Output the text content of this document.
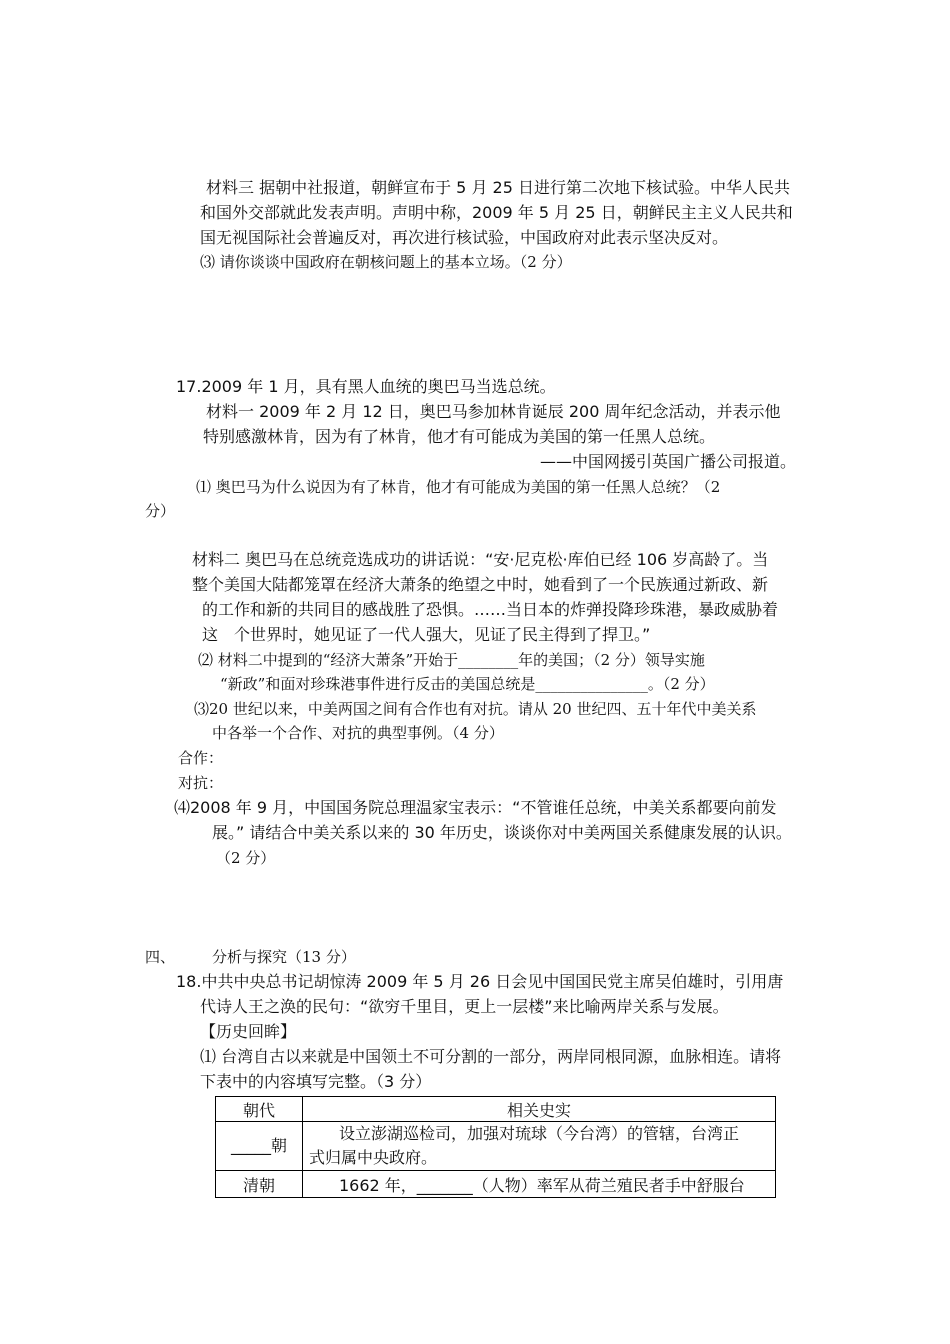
材料三 据朝中社报道，朝鲜宣布于 5 月 25 日进行第二次地下核试验。中华人民共
和国外交部就此发表声明。声明中称，2009 年 5 月 25 日，朝鲜民主主义人民共和
国无视国际社会普遍反对，再次进行核试验，中国政府对此表示坚决反对。
⑶ 请你谈谈中国政府在朝核问题上的基本立场。（2 分）
17.2009 年 1 月，具有黑人血统的奥巴马当选总统。
材料一 2009 年 2 月 12 日，奥巴马参加林肯诞辰 200 周年纪念活动，并表示他
特别感激林肯，因为有了林肯，他才有可能成为美国的第一任黑人总统。
——中国网援引英国广播公司报道。
⑴ 奥巴马为什么说因为有了林肯，他才有可能成为美国的第一任黑人总统？（2
分）
材料二 奥巴马在总统竞选成功的讲话说：“安·尼克松·库伯已经 106 岁高龄了。当
整个美国大陆都笼罩在经济大萧条的绝望之中时，她看到了一个民族通过新政、新
的工作和新的共同目的感战胜了恐惧。……当日本的炸弹投降珍珠港，暴政威胁着
这　个世界时，她见证了一代人强大，见证了民主得到了捍卫。”
⑵ 材料二中提到的“经济大萧条”开始于________年的美国；（2 分）领导实施
“新政”和面对珍珠港事件进行反击的美国总统是_______________。（2 分）
⑶20 世纪以来，中美两国之间有合作也有对抗。请从 20 世纪四、五十年代中美关系
中各举一个合作、对抗的典型事例。（4 分）
合作：
对抗：
⑷2008 年 9 月，中国国务院总理温家宝表示：“不管谁任总统，中美关系都要向前发
展。” 请结合中美关系以来的 30 年历史，谈谈你对中美两国关系健康发展的认识。
（2 分）
四、 分析与探究（13 分）
18.中共中央总书记胡惊涛 2009 年 5 月 26 日会见中国国民党主席吴伯雄时，引用唐
代诗人王之涣的民句：“欲穷千里目，更上一层楼”来比喻两岸关系与发展。
【历史回眸】
⑴ 台湾自古以来就是中国领土不可分割的一部分，两岸同根同源，血脉相连。请将
下表中的内容填写完整。（3 分）
朝代	相关史实
_____朝	设立澎湖巡检司，加强对琉球（今台湾）的管辖，台湾正
式归属中央政府。
清朝	1662 年，_______（人物）率军从荷兰殖民者手中舒服台
